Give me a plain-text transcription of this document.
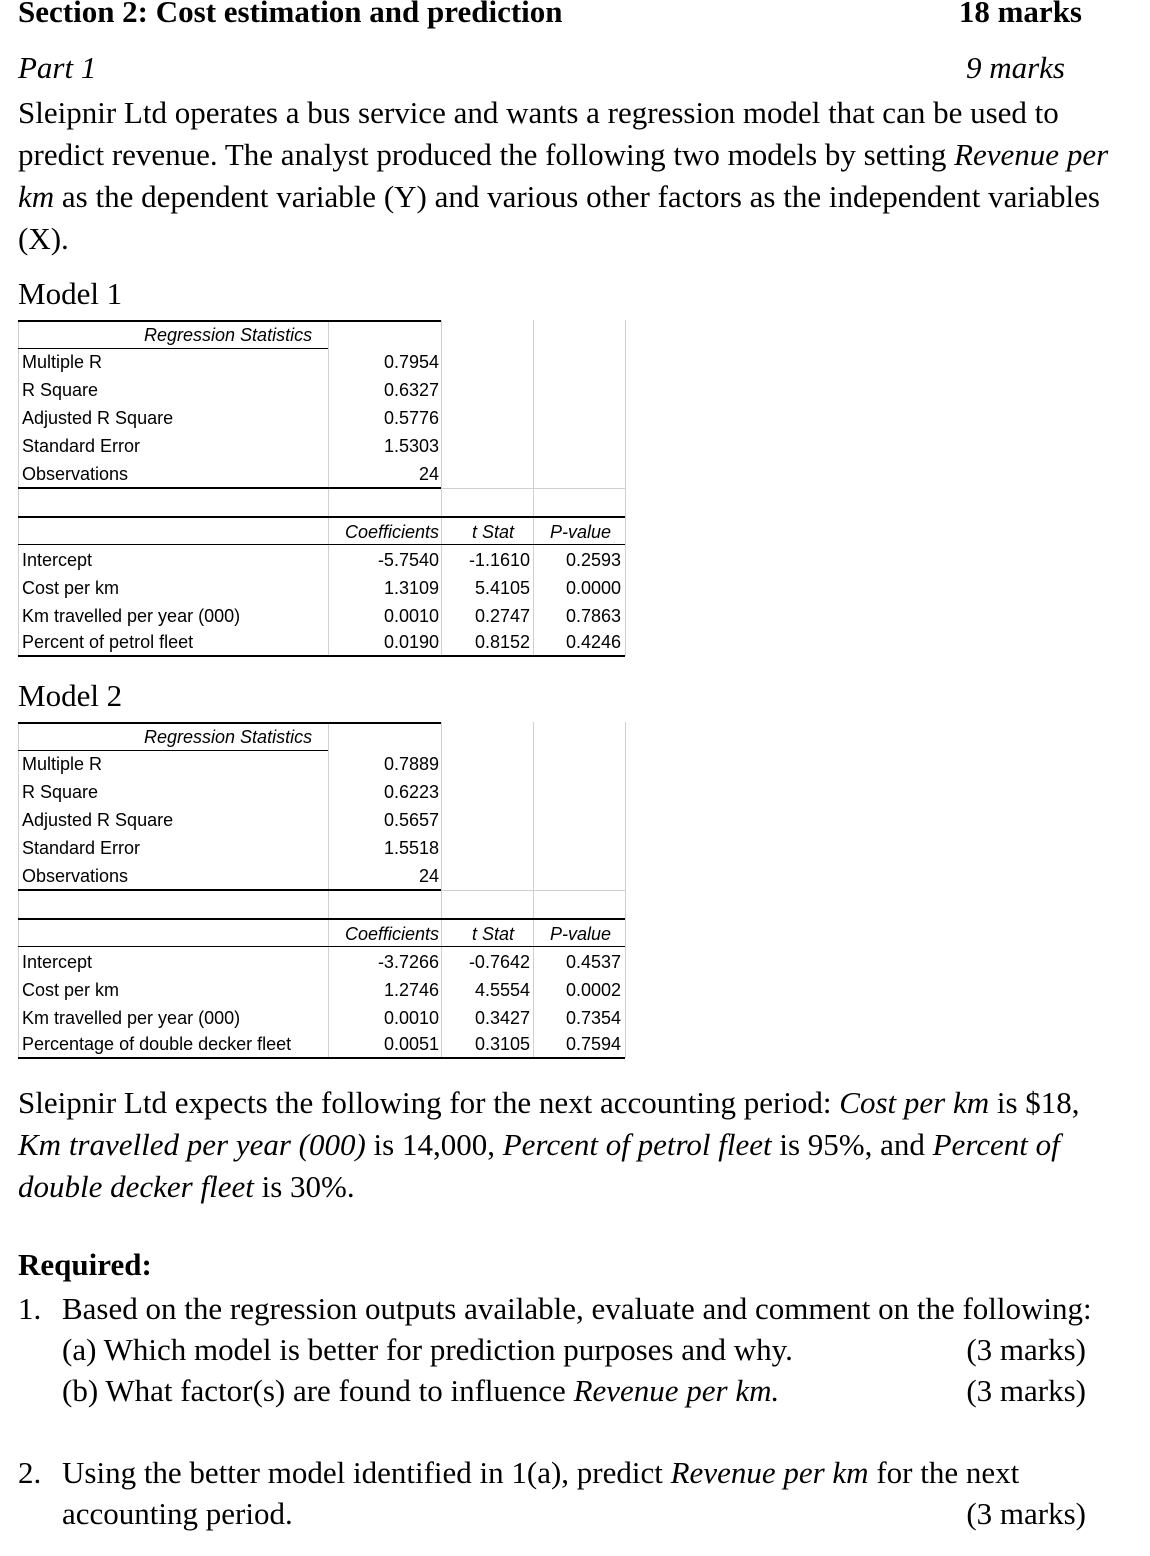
Section 2: Cost estimation and prediction	18 marks
Part 1	9 marks
Sleipnir Ltd operates a bus service and wants a regression model that can be used to predict revenue. The analyst produced the following two models by setting Revenue per km as the dependent variable (Y) and various other factors as the independent variables (X).
Model 1
Regression Statistics
Multiple R	0.7954
R Square	0.6327
Adjusted R Square	0.5776
Standard Error	1.5303
Observations	24
Coefficients t Stat P-value
Intercept	-5.7540 -1.1610 0.2593
Cost per km	1.3109 5.4105 0.0000
Km travelled per year (000)	0.0010 0.2747 0.7863
Percent of petrol fleet	0.0190 0.8152 0.4246
Model 2
Regression Statistics
Multiple R	0.7889
R Square	0.6223
Adjusted R Square	0.5657
Standard Error	1.5518
Observations	24
Coefficients t Stat P-value
Intercept	-3.7266 -0.7642 0.4537
Cost per km	1.2746 4.5554 0.0002
Km travelled per year (000)	0.0010 0.3427 0.7354
Percentage of double decker fleet	0.0051 0.3105 0.7594
Sleipnir Ltd expects the following for the next accounting period: Cost per km is $18, Km travelled per year (000) is 14,000, Percent of petrol fleet is 95%, and Percent of double decker fleet is 30%.
Required:
1. Based on the regression outputs available, evaluate and comment on the following:
(a) Which model is better for prediction purposes and why.	(3 marks)
(b) What factor(s) are found to influence Revenue per km.	(3 marks)
2. Using the better model identified in 1(a), predict Revenue per km for the next
accounting period.	(3 marks)
